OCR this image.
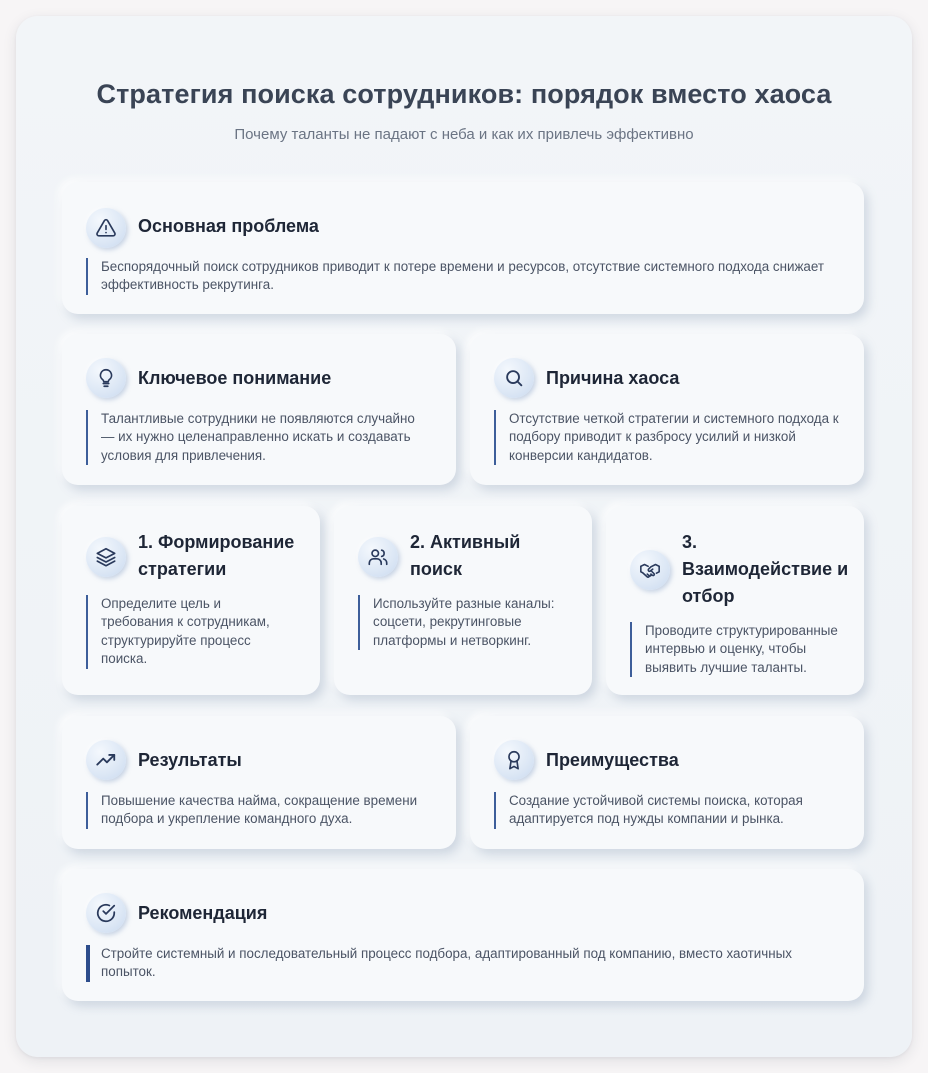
Стратегия поиска сотрудников: порядок вместо хаоса

Почему таланты не падают с неба и как их привлечь эффективно

Основная проблема
Беспорядочный поиск сотрудников приводит к потере времени и ресурсов, отсутствие системного подхода снижает эффективность рекрутинга.
Ключевое понимание
Талантливые сотрудники не появляются случайно — их нужно целенаправленно искать и создавать условия для привлечения.
Причина хаоса
Отсутствие четкой стратегии и системного подхода к подбору приводит к разбросу усилий и низкой конверсии кандидатов.
1. Формирование стратегии
Определите цель и требования к сотрудникам, структурируйте процесс поиска.
2. Активный поиск
Используйте разные каналы: соцсети, рекрутинговые платформы и нетворкинг.
3. Взаимодействие и отбор
Проводите структурированные интервью и оценку, чтобы выявить лучшие таланты.
Результаты
Повышение качества найма, сокращение времени подбора и укрепление командного духа.
Преимущества
Создание устойчивой системы поиска, которая адаптируется под нужды компании и рынка.
Рекомендация
Стройте системный и последовательный процесс подбора, адаптированный под компанию, вместо хаотичных попыток.
